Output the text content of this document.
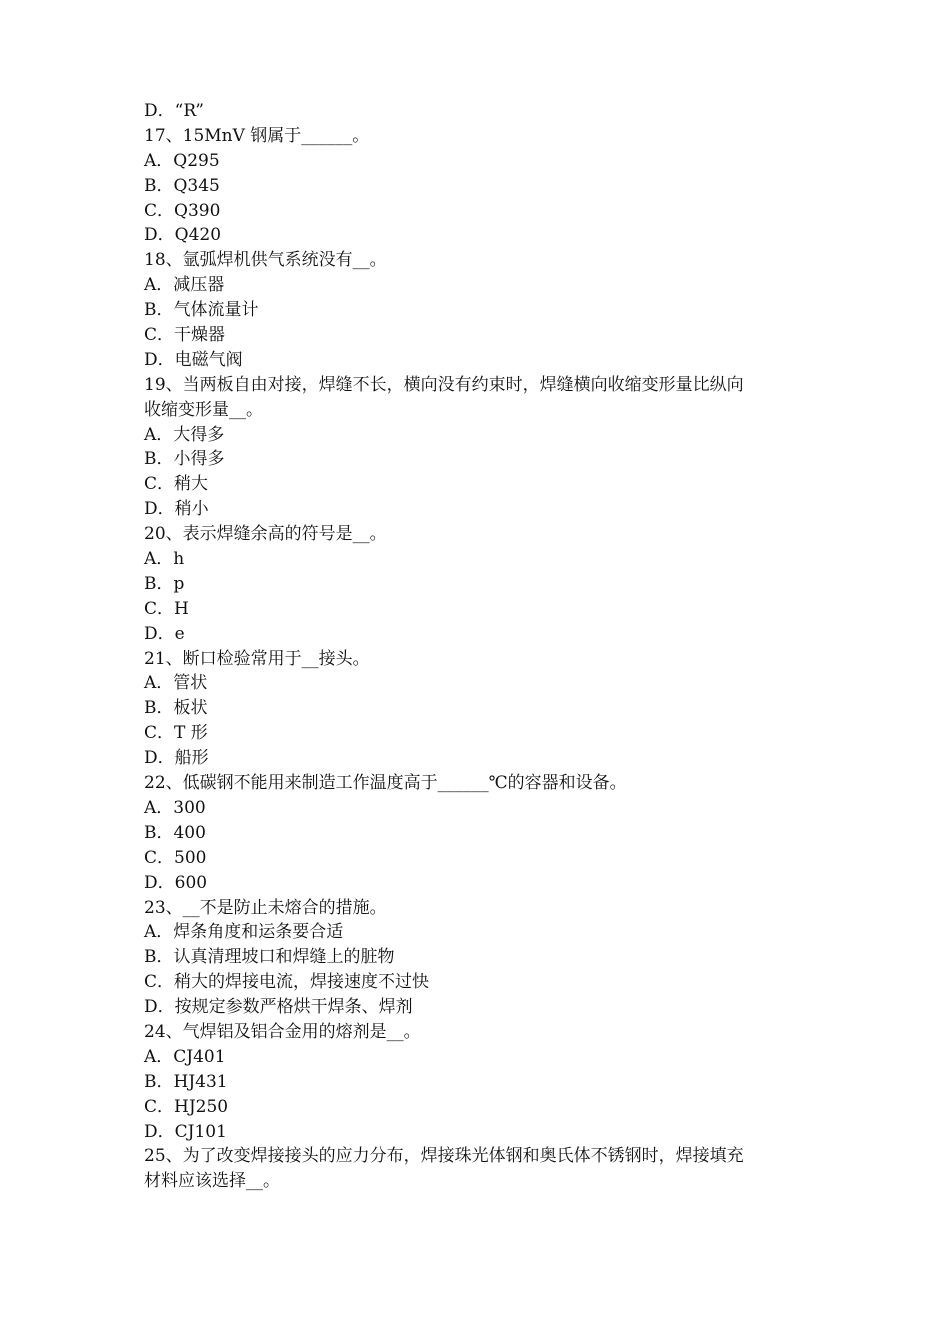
D．“R”
17、15MnV 钢属于______。
A．Q295
B．Q345
C．Q390
D．Q420
18、氩弧焊机供气系统没有__。
A．减压器
B．气体流量计
C．干燥器
D．电磁气阀
19、当两板自由对接，焊缝不长，横向没有约束时，焊缝横向收缩变形量比纵向
收缩变形量__。
A．大得多
B．小得多
C．稍大
D．稍小
20、表示焊缝余高的符号是__。
A．h
B．p
C．H
D．e
21、断口检验常用于__接头。
A．管状
B．板状
C．T 形
D．船形
22、低碳钢不能用来制造工作温度高于______℃的容器和设备。
A．300
B．400
C．500
D．600
23、__不是防止未熔合的措施。
A．焊条角度和运条要合适
B．认真清理坡口和焊缝上的脏物
C．稍大的焊接电流，焊接速度不过快
D．按规定参数严格烘干焊条、焊剂
24、气焊铝及铝合金用的熔剂是__。
A．CJ401
B．HJ431
C．HJ250
D．CJ101
25、为了改变焊接接头的应力分布，焊接珠光体钢和奥氏体不锈钢时，焊接填充
材料应该选择__。
